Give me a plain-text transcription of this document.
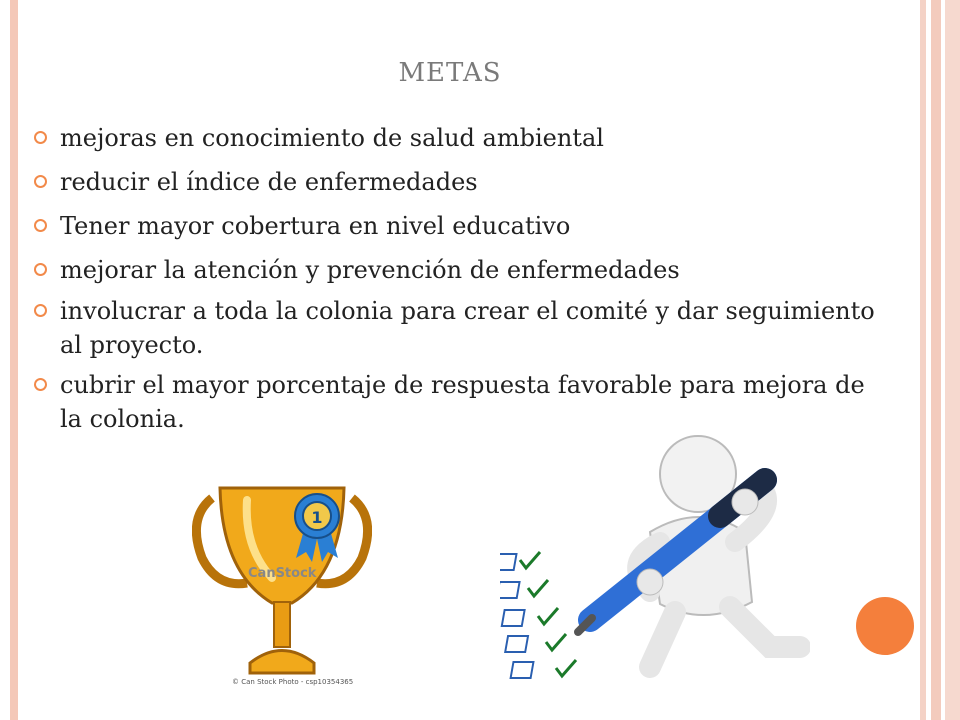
METAS
mejoras en conocimiento de salud ambiental
reducir el índice de enfermedades
Tener mayor cobertura en nivel educativo
mejorar la atención y prevención de enfermedades
involucrar a toda la colonia para crear el comité y dar seguimiento al proyecto.
cubrir el mayor porcentaje de respuesta favorable para mejora de la colonia.
1
CanStock
© Can Stock Photo - csp10354365
